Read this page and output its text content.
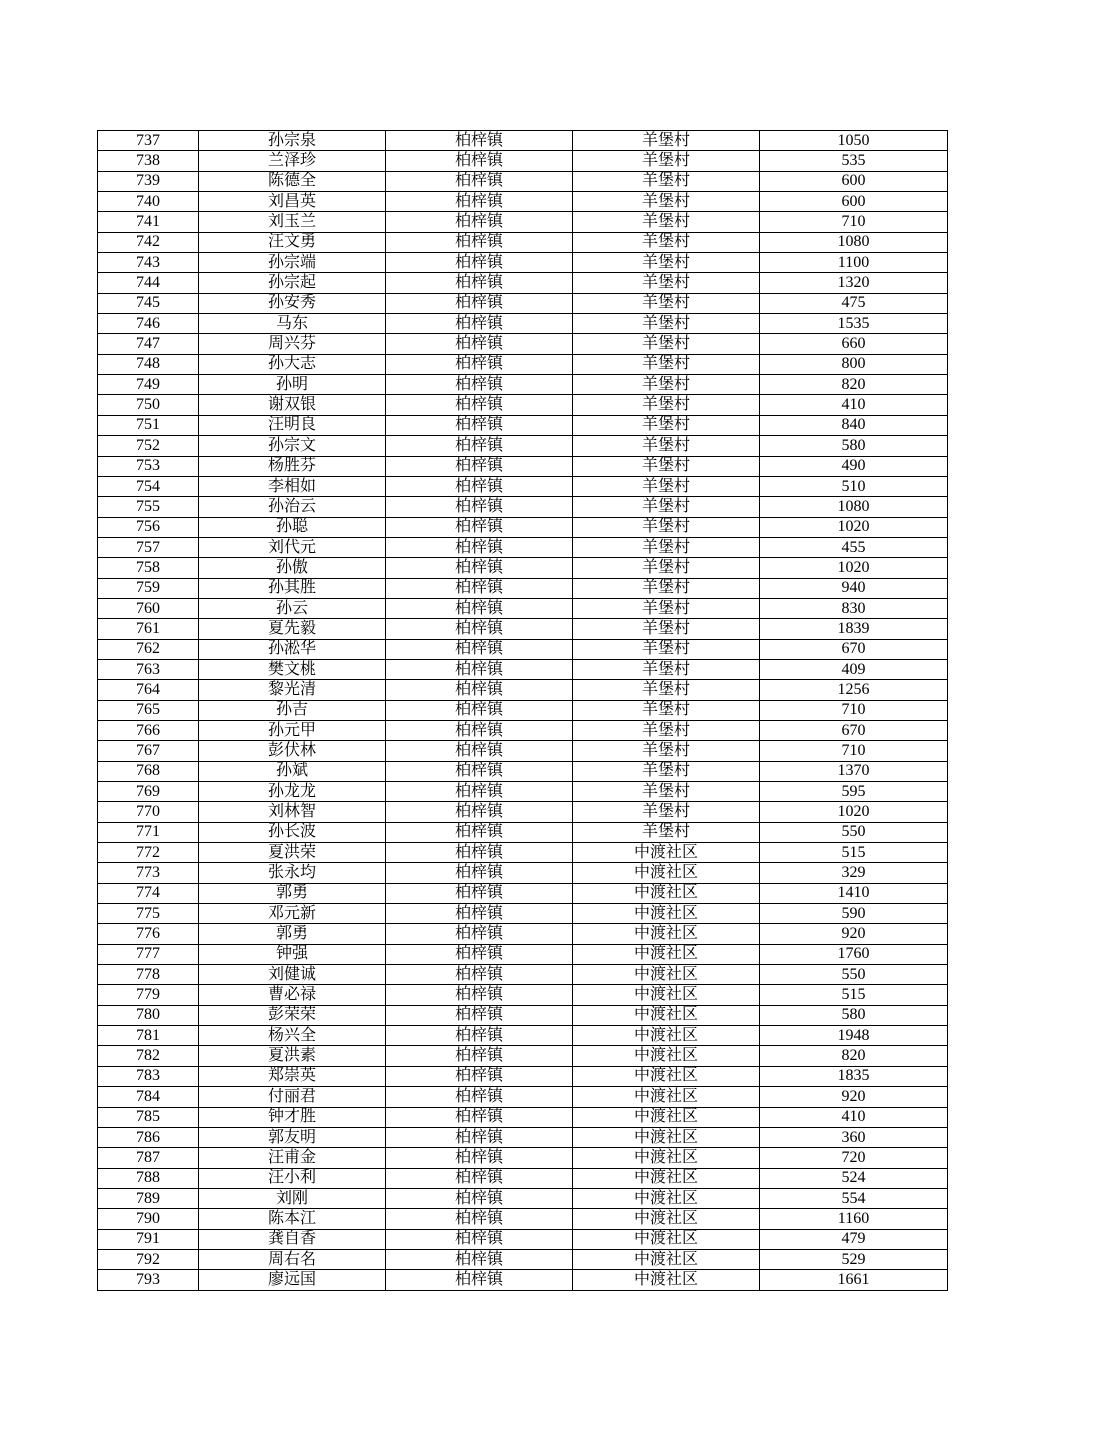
737	孙宗泉	柏梓镇	羊堡村	1050
738	兰泽珍	柏梓镇	羊堡村	535
739	陈德全	柏梓镇	羊堡村	600
740	刘昌英	柏梓镇	羊堡村	600
741	刘玉兰	柏梓镇	羊堡村	710
742	汪文勇	柏梓镇	羊堡村	1080
743	孙宗端	柏梓镇	羊堡村	1100
744	孙宗起	柏梓镇	羊堡村	1320
745	孙安秀	柏梓镇	羊堡村	475
746	马东	柏梓镇	羊堡村	1535
747	周兴芬	柏梓镇	羊堡村	660
748	孙大志	柏梓镇	羊堡村	800
749	孙明	柏梓镇	羊堡村	820
750	谢双银	柏梓镇	羊堡村	410
751	汪明良	柏梓镇	羊堡村	840
752	孙宗文	柏梓镇	羊堡村	580
753	杨胜芬	柏梓镇	羊堡村	490
754	李相如	柏梓镇	羊堡村	510
755	孙治云	柏梓镇	羊堡村	1080
756	孙聪	柏梓镇	羊堡村	1020
757	刘代元	柏梓镇	羊堡村	455
758	孙傲	柏梓镇	羊堡村	1020
759	孙其胜	柏梓镇	羊堡村	940
760	孙云	柏梓镇	羊堡村	830
761	夏先毅	柏梓镇	羊堡村	1839
762	孙淞华	柏梓镇	羊堡村	670
763	樊文桃	柏梓镇	羊堡村	409
764	黎光清	柏梓镇	羊堡村	1256
765	孙吉	柏梓镇	羊堡村	710
766	孙元甲	柏梓镇	羊堡村	670
767	彭伏林	柏梓镇	羊堡村	710
768	孙斌	柏梓镇	羊堡村	1370
769	孙龙龙	柏梓镇	羊堡村	595
770	刘林智	柏梓镇	羊堡村	1020
771	孙长波	柏梓镇	羊堡村	550
772	夏洪荣	柏梓镇	中渡社区	515
773	张永均	柏梓镇	中渡社区	329
774	郭勇	柏梓镇	中渡社区	1410
775	邓元新	柏梓镇	中渡社区	590
776	郭勇	柏梓镇	中渡社区	920
777	钟强	柏梓镇	中渡社区	1760
778	刘健诚	柏梓镇	中渡社区	550
779	曹必禄	柏梓镇	中渡社区	515
780	彭荣荣	柏梓镇	中渡社区	580
781	杨兴全	柏梓镇	中渡社区	1948
782	夏洪素	柏梓镇	中渡社区	820
783	郑崇英	柏梓镇	中渡社区	1835
784	付丽君	柏梓镇	中渡社区	920
785	钟才胜	柏梓镇	中渡社区	410
786	郭友明	柏梓镇	中渡社区	360
787	汪甫金	柏梓镇	中渡社区	720
788	汪小利	柏梓镇	中渡社区	524
789	刘刚	柏梓镇	中渡社区	554
790	陈本江	柏梓镇	中渡社区	1160
791	龚自香	柏梓镇	中渡社区	479
792	周右名	柏梓镇	中渡社区	529
793	廖远国	柏梓镇	中渡社区	1661
